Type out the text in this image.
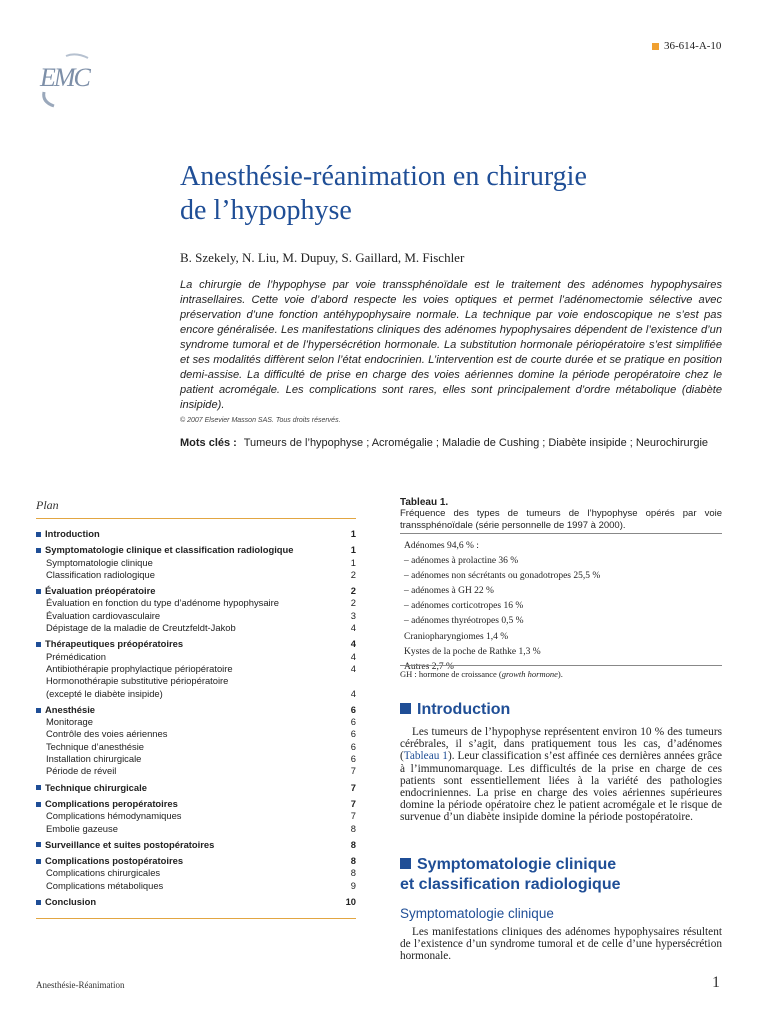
EMC
36-614-A-10
Anesthésie-réanimation en chirurgie
de l’hypophyse
B. Szekely, N. Liu, M. Dupuy, S. Gaillard, M. Fischler

La chirurgie de l’hypophyse par voie transsphénoïdale est le traitement des adénomes hypophysaires intrasellaires. Cette voie d’abord respecte les voies optiques et permet l’adénomectomie sélective avec préservation d’une fonction antéhypophysaire normale. La technique par voie endoscopique ne s’est pas encore généralisée. Les manifestations cliniques des adénomes hypophysaires dépendent de l’existence d’un syndrome tumoral et de l’hypersécrétion hormonale. La substitution hormonale périopératoire s’est simplifiée et ses modalités diffèrent selon l’état endocrinien. L’intervention est de courte durée et se pratique en position demi-assise. La difficulté de prise en charge des voies aériennes domine la période peropératoire chez le patient acromégale. Les complications sont rares, elles sont principalement d’ordre métabolique (diabète insipide).

© 2007 Elsevier Masson SAS. Tous droits réservés.
Mots clés : Tumeurs de l’hypophyse ; Acromégalie ; Maladie de Cushing ; Diabète insipide ; Neurochirurgie
Plan
Introduction	1
Symptomatologie clinique et classification radiologique	1
Symptomatologie clinique	1
Classification radiologique	2
Évaluation préopératoire	2
Évaluation en fonction du type d’adénome hypophysaire	2
Évaluation cardiovasculaire	3
Dépistage de la maladie de Creutzfeldt-Jakob	4
Thérapeutiques préopératoires	4
Prémédication	4
Antibiothérapie prophylactique périopératoire	4
Hormonothérapie substitutive périopératoire
(excepté le diabète insipide)	4
Anesthésie	6
Monitorage	6
Contrôle des voies aériennes	6
Technique d’anesthésie	6
Installation chirurgicale	6
Période de réveil	7
Technique chirurgicale	7
Complications peropératoires	7
Complications hémodynamiques	7
Embolie gazeuse	8
Surveillance et suites postopératoires	8
Complications postopératoires	8
Complications chirurgicales	8
Complications métaboliques	9
Conclusion	10
Tableau 1.
Fréquence des types de tumeurs de l’hypophyse opérés par voie transsphénoïdale (série personnelle de 1997 à 2000).
Adénomes 94,6 % :
– adénomes à prolactine 36 %
– adénomes non sécrétants ou gonadotropes 25,5 %
– adénomes à GH 22 %
– adénomes corticotropes 16 %
– adénomes thyréotropes 0,5 %
Craniopharyngiomes 1,4 %
Kystes de la poche de Rathke 1,3 %
Autres 2,7 %
GH : hormone de croissance (growth hormone).
Introduction

Les tumeurs de l’hypophyse représentent environ 10 % des tumeurs cérébrales, il s’agit, dans pratiquement tous les cas, d’adénomes (Tableau 1). Leur classification s’est affinée ces dernières années grâce à l’immunomarquage. Les difficultés de la prise en charge de ces patients sont essentiellement liées à la variété des pathologies endocriniennes. La prise en charge des voies aériennes supérieures domine la période opératoire chez le patient acromégale et le risque de survenue d’un diabète insipide domine la période postopératoire.

Symptomatologie clinique
et classification radiologique
Symptomatologie clinique

Les manifestations cliniques des adénomes hypophysaires résultent de l’existence d’un syndrome tumoral et de celle d’une hypersécrétion hormonale.

Anesthésie-Réanimation	1
